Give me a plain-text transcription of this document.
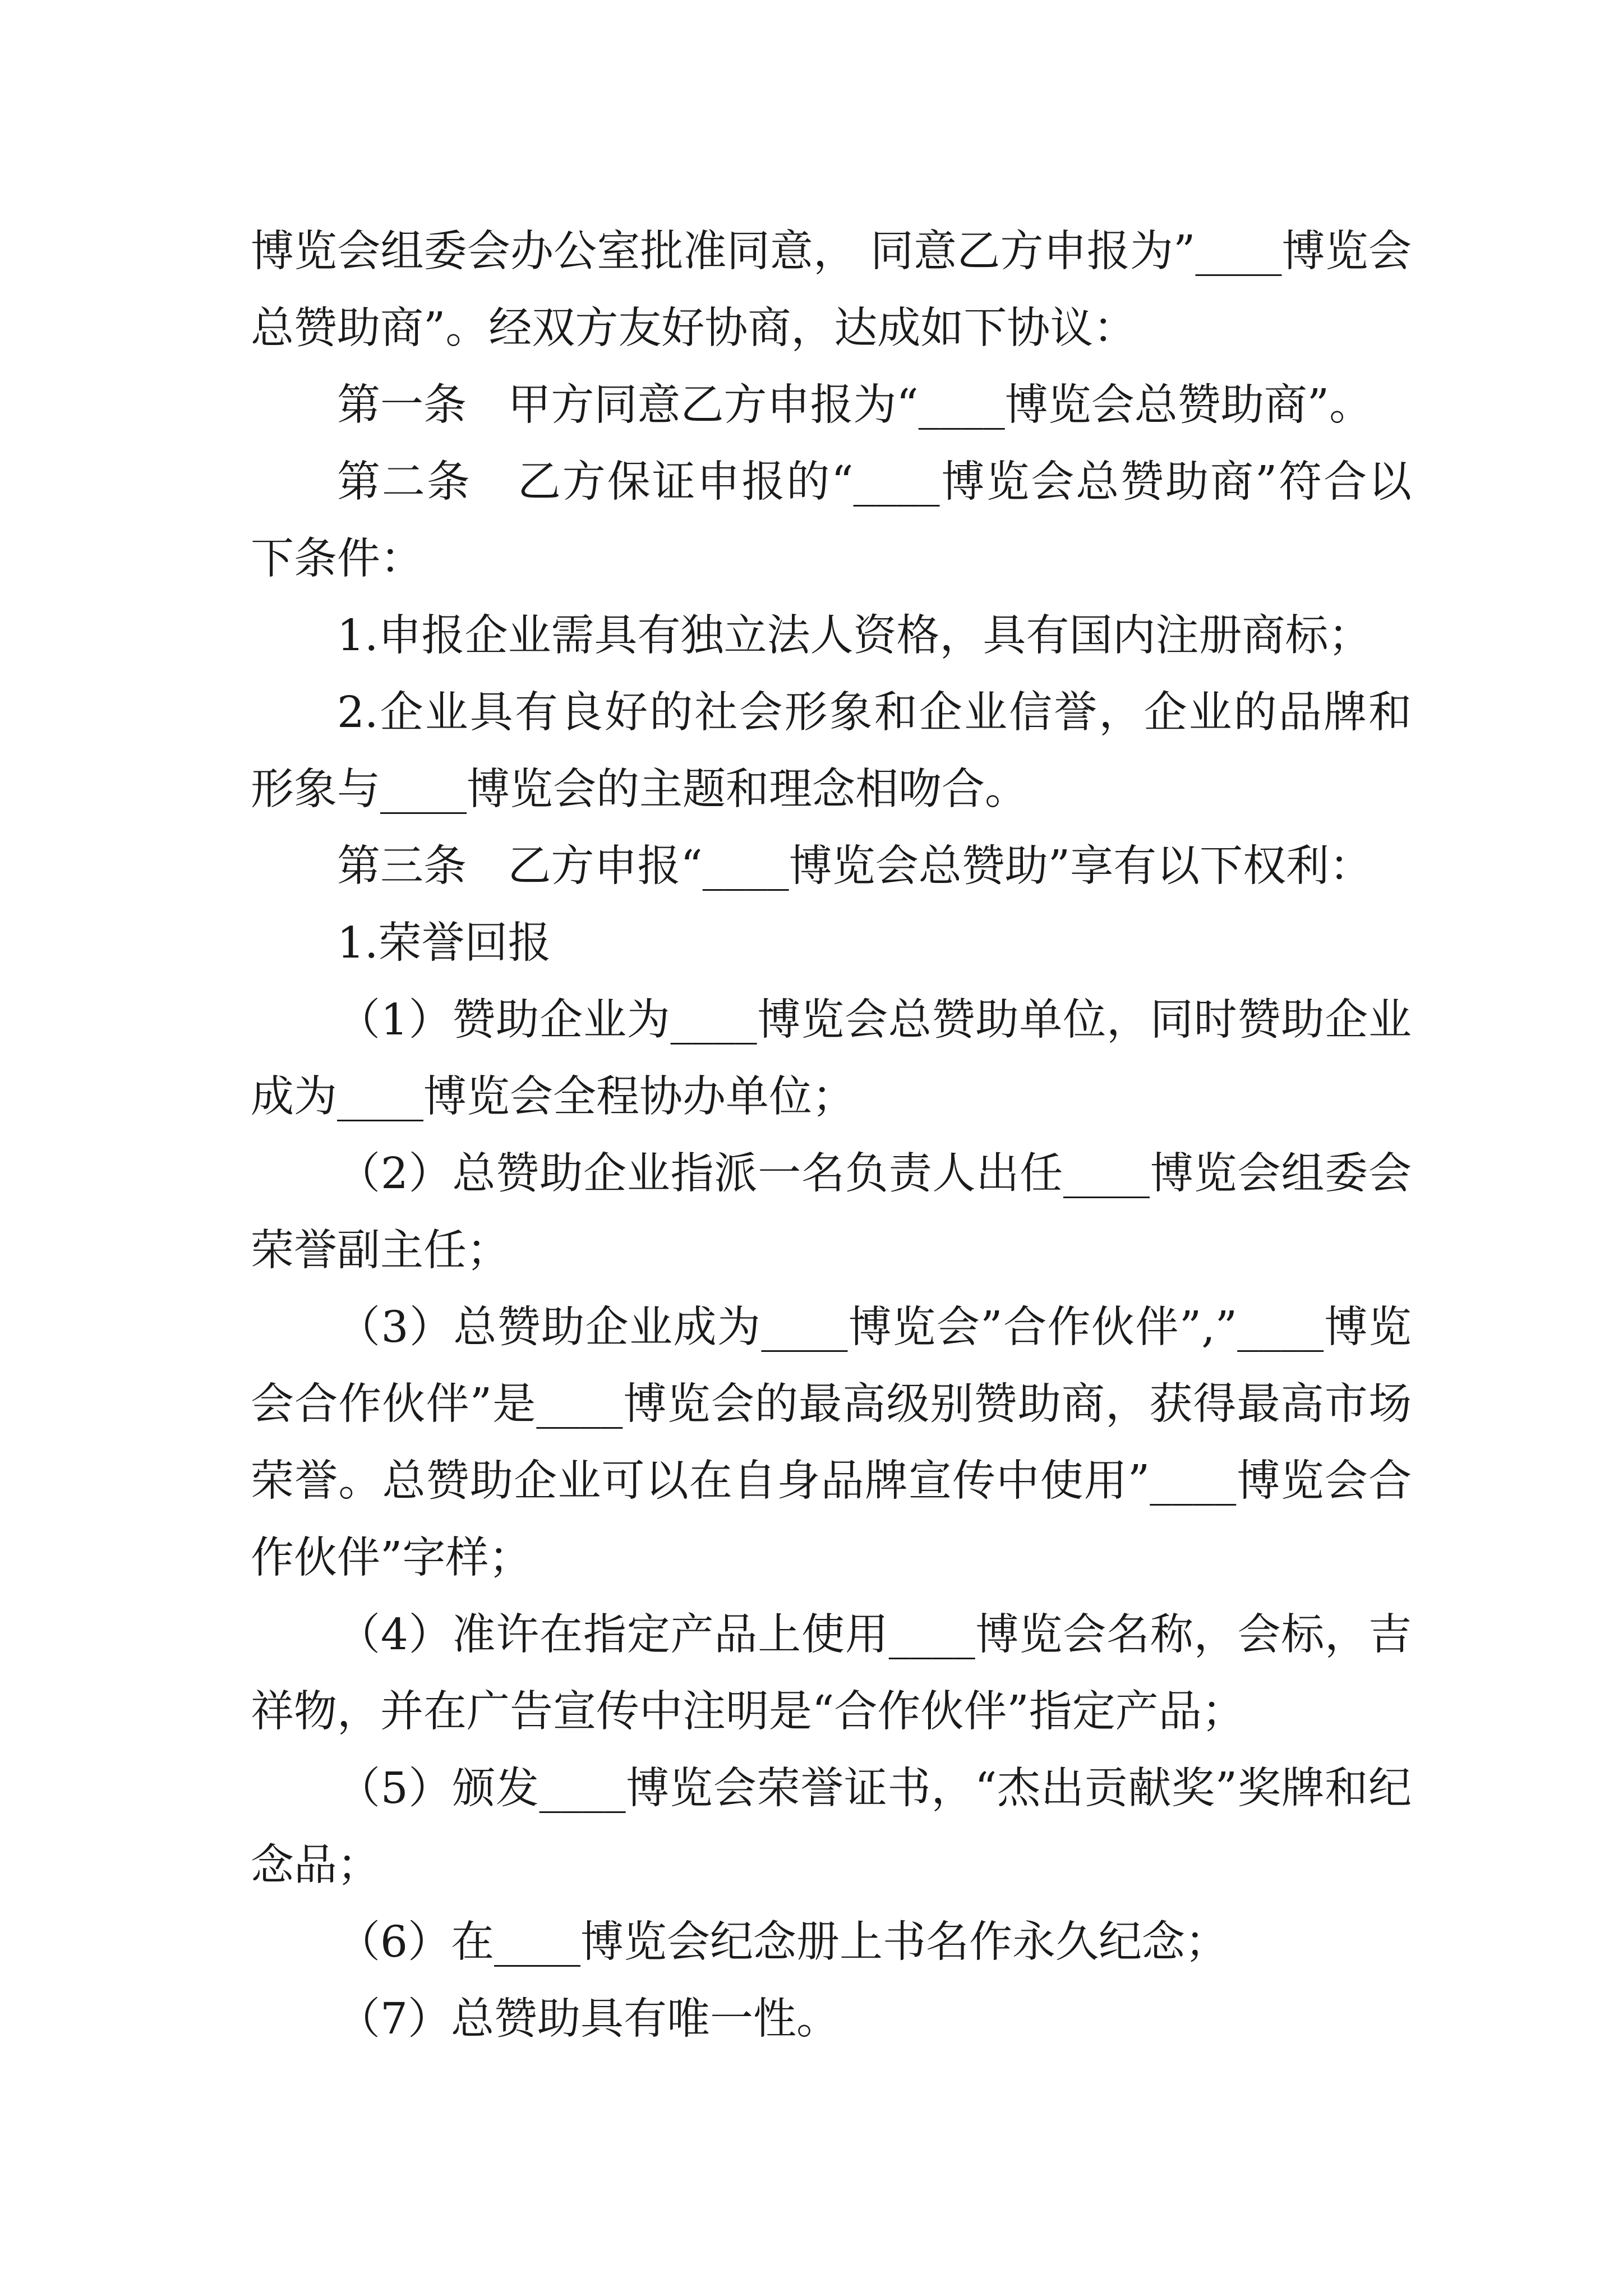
博览会组委会办公室批准同意， 同意乙方申报为”____博览会总赞助商”。经双方友好协商，达成如下协议：

第一条   甲方同意乙方申报为“____博览会总赞助商”。

第二条   乙方保证申报的“____博览会总赞助商”符合以下条件：

1.申报企业需具有独立法人资格，具有国内注册商标；

2.企业具有良好的社会形象和企业信誉，企业的品牌和形象与____博览会的主题和理念相吻合。

第三条   乙方申报“____博览会总赞助”享有以下权利：

1.荣誉回报

（1）赞助企业为____博览会总赞助单位，同时赞助企业成为____博览会全程协办单位；

（2）总赞助企业指派一名负责人出任____博览会组委会荣誉副主任；

（3）总赞助企业成为____博览会”合作伙伴”,”____博览会合作伙伴”是____博览会的最高级别赞助商，获得最高市场荣誉。总赞助企业可以在自身品牌宣传中使用”____博览会合作伙伴”字样；

（4）准许在指定产品上使用____博览会名称，会标，吉祥物，并在广告宣传中注明是“合作伙伴”指定产品；

（5）颁发____博览会荣誉证书，“杰出贡献奖”奖牌和纪念品；

（6）在____博览会纪念册上书名作永久纪念；

（7）总赞助具有唯一性。
